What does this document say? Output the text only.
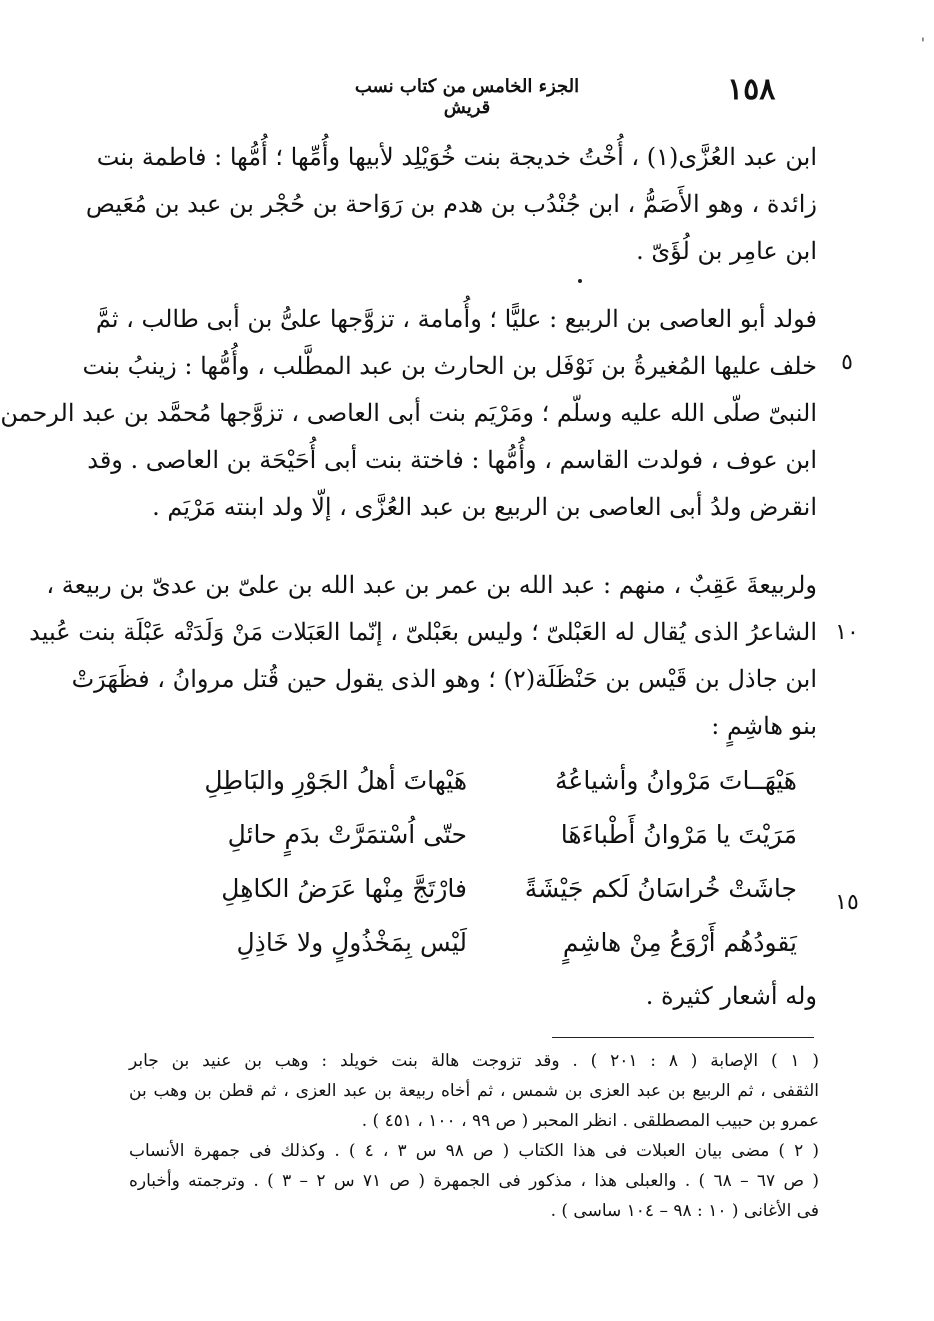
'
١٥٨
الجزء الخامس من كتاب نسب قريش
ابن عبد العُزَّى(١) ، أُخْتُ خديجة بنت خُوَيْلِد لأبيها وأُمِّها ؛ أُمُّها : فاطمة بنت
زائدة ، وهو الأَصَمُّ ، ابن جُنْدُب بن هدم بن رَوَاحة بن حُجْر بن عبد بن مُعَيص
ابن عامِر بن لُؤَىّ .
فولد أبو العاصى بن الربيع : عليًّا ؛ وأُمامة ، تزوَّجها علىُّ بن أبى طالب ، ثمَّ
خلف عليها المُغيرةُ بن نَوْفَل بن الحارث بن عبد المطَّلب ، وأُمُّها : زينبُ بنت
النبىّ صلّى الله عليه وسلّم ؛ ومَرْيَم بنت أبى العاصى ، تزوَّجها مُحمَّد بن عبد الرحمن
ابن عوف ، فولدت القاسم ، وأُمُّها : فاختة بنت أبى أُحَيْحَة بن العاصى . وقد
انقرض ولدُ أبى العاصى بن الربيع بن عبد العُزَّى ، إلّا ولد ابنته مَرْيَم .
٥
ولربيعةَ عَقِبٌ ، منهم : عبد الله بن عمر بن عبد الله بن علىّ بن عدىّ بن ربيعة ،
الشاعرُ الذى يُقال له العَبْلىّ ؛ وليس بعَبْلىّ ، إنّما العَبَلات مَنْ وَلَدَتْه عَبْلَة بنت عُبيد
ابن جاذل بن قَيْس بن حَنْظَلَة(٢) ؛ وهو الذى يقول حين قُتل مروانُ ، فظَهَرَتْ
بنو هاشِمٍ :
١٠
هَيْهَــاتَ مَرْوانُ وأشياعُهُ
هَيْهاتَ أهلُ الجَوْرِ والبَاطِلِ
مَرَيْتَ يا مَرْوانُ أَطْباءَهَا
حتّى اُسْتمَرَّتْ بدَمٍ حائلِ
جاشَتْ خُراسَانُ لَكم جَيْشَةً
فارْتَجَّ مِنْها عَرَضُ الكاهِلِ
يَقودُهُم أَرْوَعُ مِنْ هاشِمٍ
لَيْس بِمَخْذُولٍ ولا خَاذِلِ
١٥
وله أشعار كثيرة .
( ١ ) الإصابة ( ٨ : ٢٠١ ) . وقد تزوجت هالة بنت خويلد : وهب بن عنيد بن جابر
الثقفى ، ثم الربيع بن عبد العزى بن شمس ، ثم أخاه ربيعة بن عبد العزى ، ثم قطن بن وهب بن
عمرو بن حبيب المصطلقى . انظر المحبر ( ص ٩٩ ، ١٠٠ ، ٤٥١ ) .
( ٢ ) مضى بيان العبلات فى هذا الكتاب ( ص ٩٨ س ٣ ، ٤ ) . وكذلك فى جمهرة الأنساب
( ص ٦٧ – ٦٨ ) . والعبلى هذا ، مذكور فى الجمهرة ( ص ٧١ س ٢ – ٣ ) . وترجمته وأخباره
فى الأغانى ( ١٠ : ٩٨ – ١٠٤ ساسى ) .
